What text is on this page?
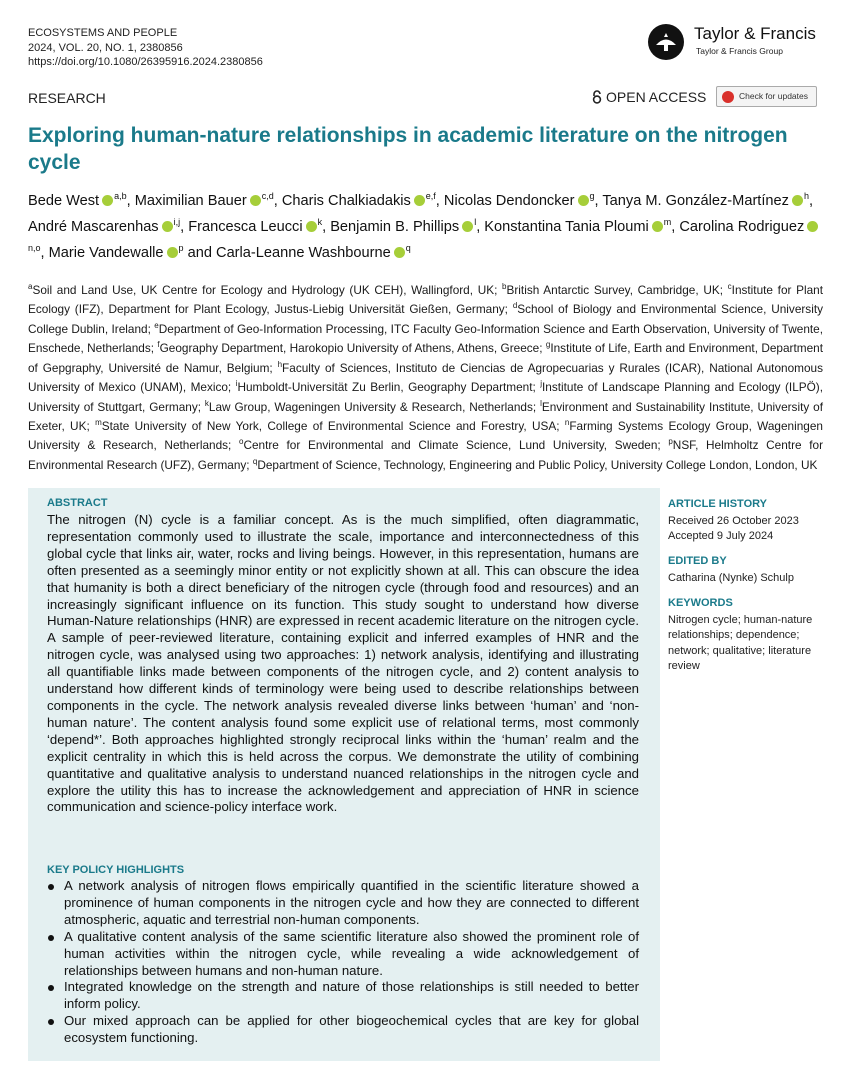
ECOSYSTEMS AND PEOPLE
2024, VOL. 20, NO. 1, 2380856
https://doi.org/10.1080/26395916.2024.2380856
Taylor & Francis
Taylor & Francis Group
RESEARCH	OPEN ACCESS	Check for updates
Exploring human-nature relationships in academic literature on the nitrogen cycle
Bede West $^{a,b}$, Maximilian Bauer $^{c,d}$, Charis Chalkiadakis $^{e,f}$, Nicolas Dendoncker $^g$, Tanya M. González-Martínez $^h$, André Mascarenhas $^{i,j}$, Francesca Leucci $^k$, Benjamin B. Phillips $^l$, Konstantina Tania Ploumi $^m$, Carolina Rodriguez$^{n,o}$, Marie Vandewalle $^p$ and Carla-Leanne Washbourne $^q$
$^a$Soil and Land Use, UK Centre for Ecology and Hydrology (UK CEH), Wallingford, UK; $^b$British Antarctic Survey, Cambridge, UK; $^c$Institute for Plant Ecology (IFZ), Department for Plant Ecology, Justus-Liebig Universität Gießen, Germany; $^d$School of Biology and Environmental Science, University College Dublin, Ireland; $^e$Department of Geo-Information Processing, ITC Faculty Geo-Information Science and Earth Observation, University of Twente, Enschede, Netherlands; $^f$Geography Department, Harokopio University of Athens, Athens, Greece; $^g$Institute of Life, Earth and Environment, Department of Gepgraphy, Université de Namur, Belgium; $^h$Faculty of Sciences, Instituto de Ciencias de Agropecuarias y Rurales (ICAR), National Autonomous University of Mexico (UNAM), Mexico; $^i$Humboldt-Universität Zu Berlin, Geography Department; $^j$Institute of Landscape Planning and Ecology (ILPÖ), University of Stuttgart, Germany; $^k$Law Group, Wageningen University & Research, Netherlands; $^l$Environment and Sustainability Institute, University of Exeter, UK; $^m$State University of New York, College of Environmental Science and Forestry, USA; $^n$Farming Systems Ecology Group, Wageningen University & Research, Netherlands; $^o$Centre for Environmental and Climate Science, Lund University, Sweden; $^p$NSF, Helmholtz Centre for Environmental Research (UFZ), Germany; $^q$Department of Science, Technology, Engineering and Public Policy, University College London, London, UK
ABSTRACT
The nitrogen (N) cycle is a familiar concept. As is the much simplified, often diagrammatic, representation commonly used to illustrate the scale, importance and interconnectedness of this global cycle that links air, water, rocks and living beings. However, in this representation, humans are often presented as a seemingly minor entity or not explicitly shown at all. This can obscure the idea that humanity is both a direct beneficiary of the nitrogen cycle (through food and resources) and an increasingly significant influence on its function. This study sought to understand how diverse Human-Nature relationships (HNR) are expressed in recent academic literature on the nitrogen cycle. A sample of peer-reviewed literature, containing explicit and inferred examples of HNR and the nitrogen cycle, was analysed using two approaches: 1) network analysis, identifying and illustrating all quantifiable links made between components of the nitrogen cycle, and 2) content analysis to understand how different kinds of terminology were being used to describe relationships between components in the cycle. The network analysis revealed diverse links between ‘human’ and ‘non-human nature’. The content analysis found some explicit use of relational terms, most commonly ‘depend*’. Both approaches highlighted strongly reciprocal links within the ‘human’ realm and the explicit centrality in which this is held across the corpus. We demonstrate the utility of combining quantitative and qualitative analysis to understand nuanced relationships in the nitrogen cycle and explore the utility this has to increase the acknowledgement and appreciation of HNR in science communication and science-policy interface work.
KEY POLICY HIGHLIGHTS
A network analysis of nitrogen flows empirically quantified in the scientific literature showed a prominence of human components in the nitrogen cycle and how they are connected to different atmospheric, aquatic and terrestrial non-human components.
A qualitative content analysis of the same scientific literature also showed the prominent role of human activities within the nitrogen cycle, while revealing a wide acknowledgement of relationships between humans and non-human nature.
Integrated knowledge on the strength and nature of those relationships is still needed to better inform policy.
Our mixed approach can be applied for other biogeochemical cycles that are key for global ecosystem functioning.
ARTICLE HISTORY
Received 26 October 2023
Accepted 9 July 2024
EDITED BY
Catharina (Nynke) Schulp
KEYWORDS
Nitrogen cycle; human-nature relationships; dependence; network; qualitative; literature review
